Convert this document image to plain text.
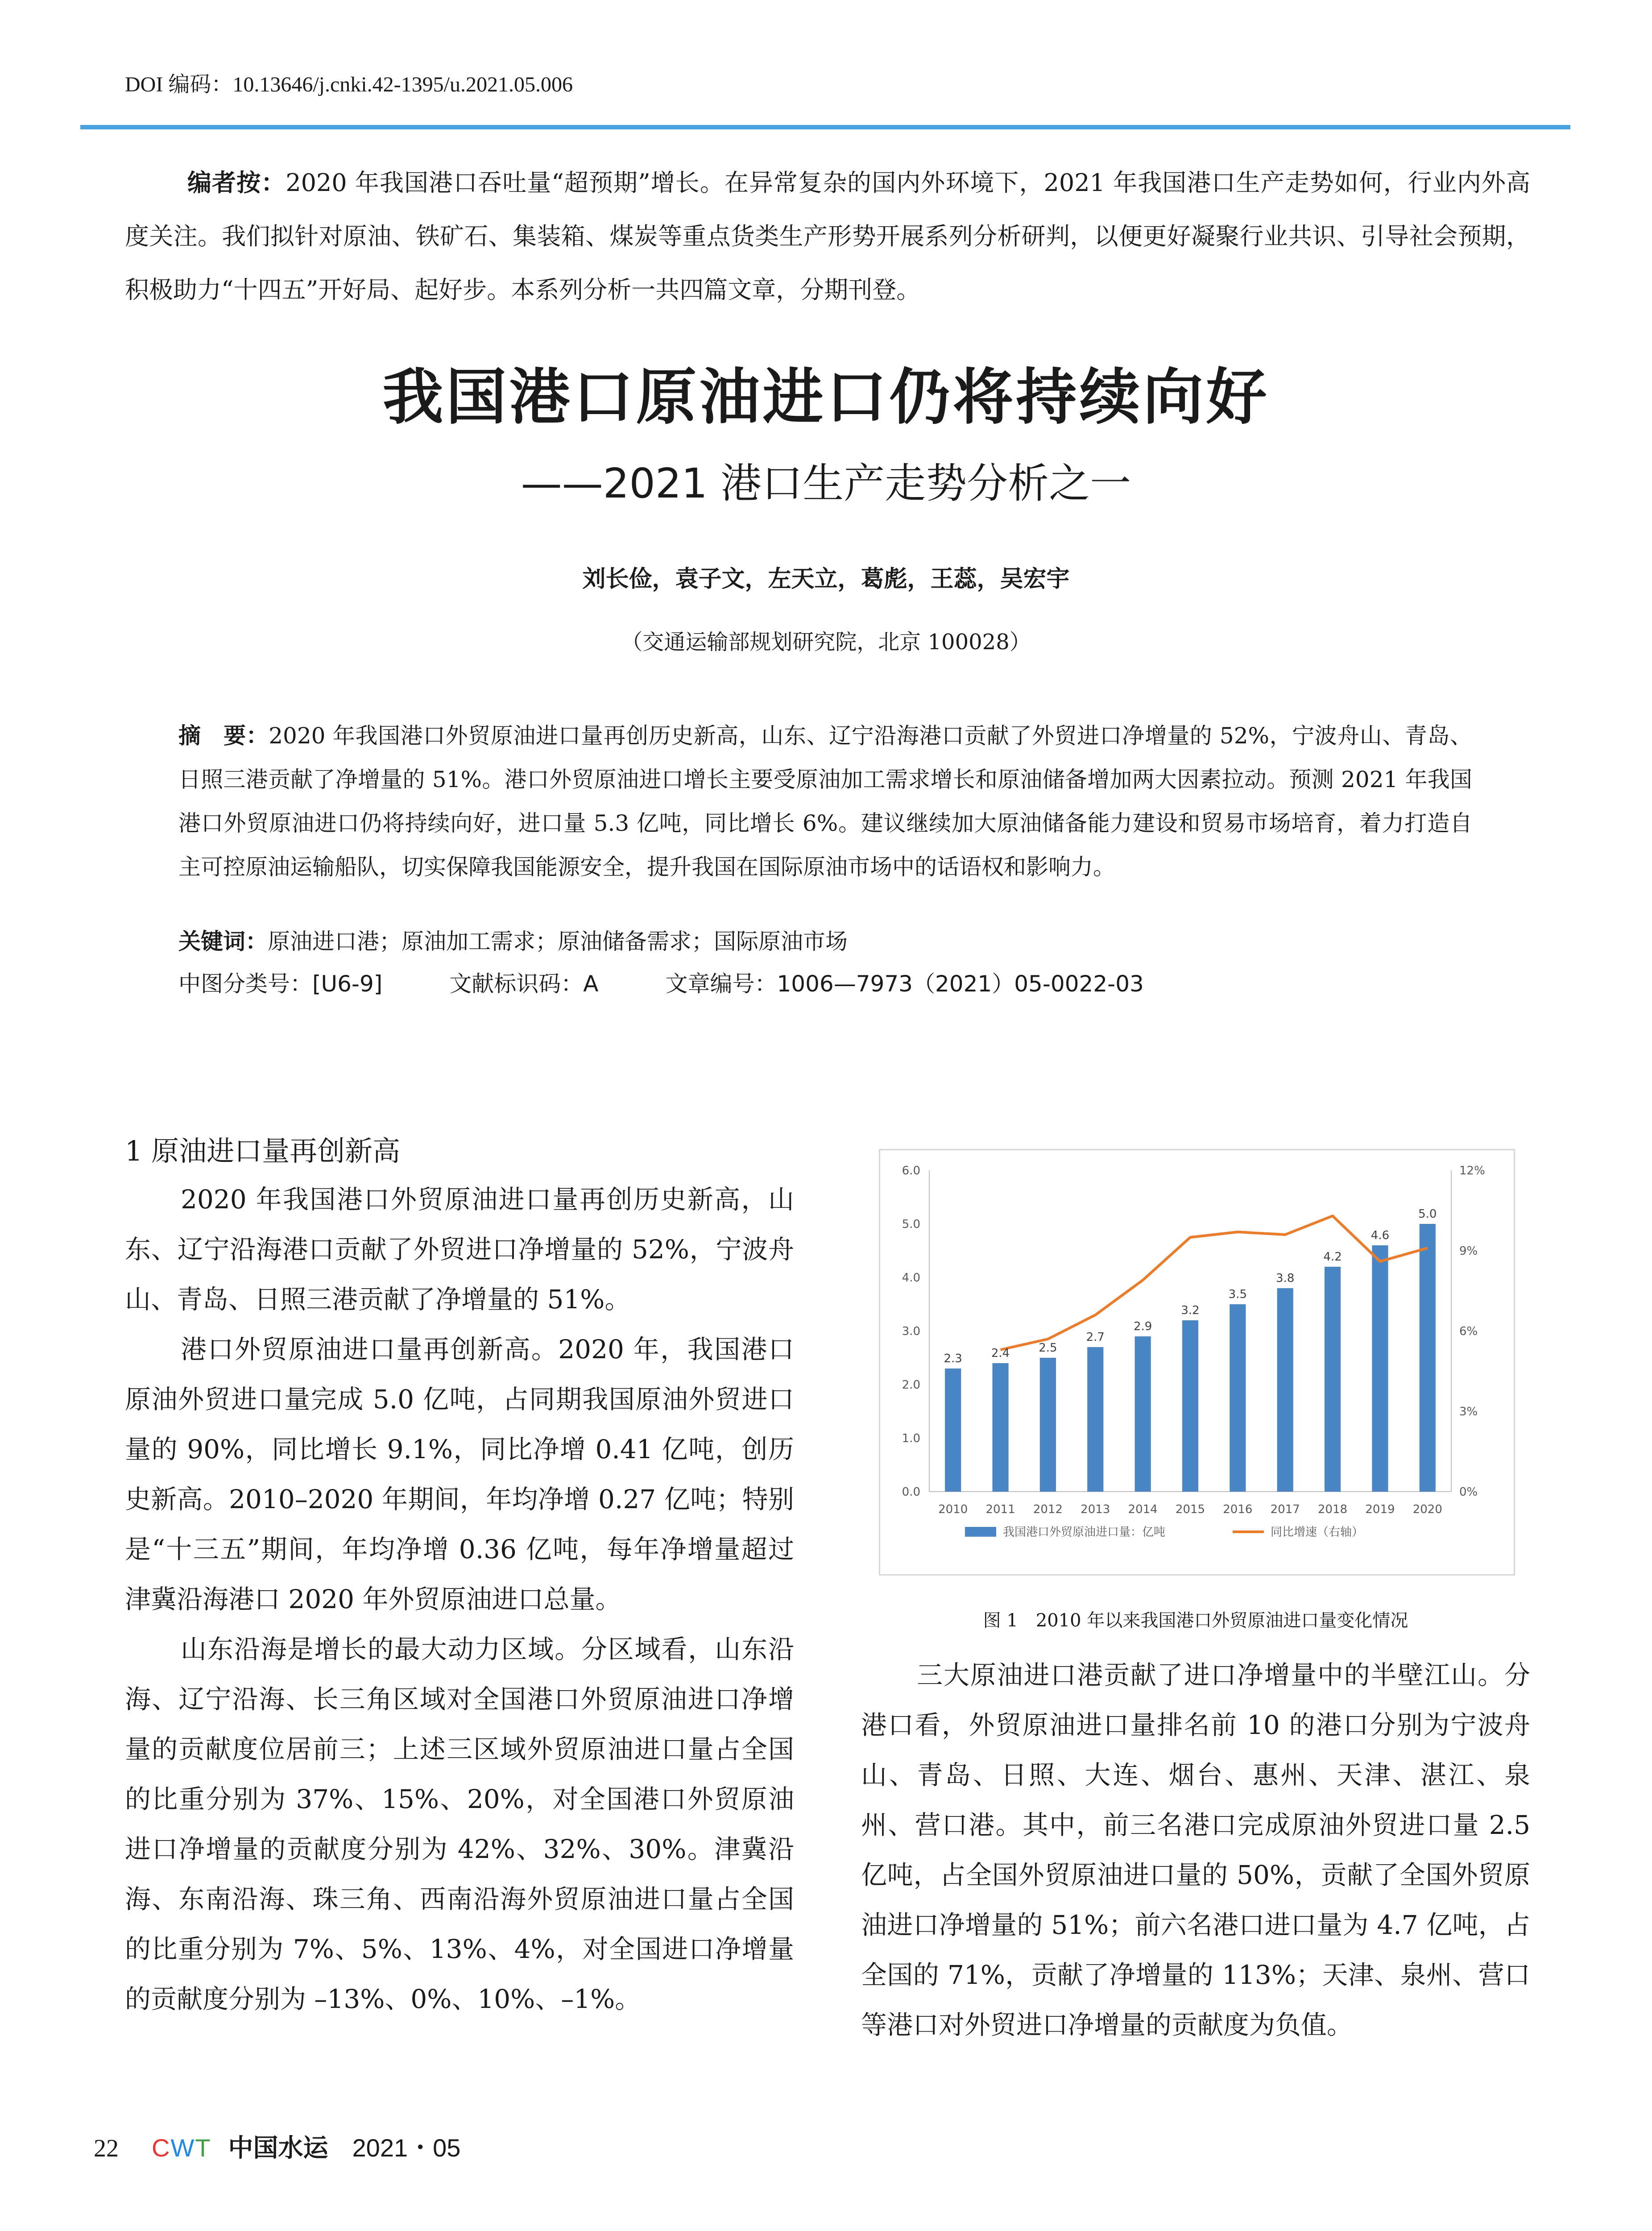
DOI 编码：10.13646/j.cnki.42-1395/u.2021.05.006
编者按：2020 年我国港口吞吐量“超预期”增长。在异常复杂的国内外环境下，2021 年我国港口生产走势如何，行业内外高度关注。我们拟针对原油、铁矿石、集装箱、煤炭等重点货类生产形势开展系列分析研判，以便更好凝聚行业共识、引导社会预期，积极助力“十四五”开好局、起好步。本系列分析一共四篇文章，分期刊登。
我国港口原油进口仍将持续向好
——2021 港口生产走势分析之一
刘长俭，袁子文，左天立，葛彪，王蕊，吴宏宇
（交通运输部规划研究院，北京 100028）
摘　要：2020 年我国港口外贸原油进口量再创历史新高，山东、辽宁沿海港口贡献了外贸进口净增量的 52%，宁波舟山、青岛、日照三港贡献了净增量的 51%。港口外贸原油进口增长主要受原油加工需求增长和原油储备增加两大因素拉动。预测 2021 年我国港口外贸原油进口仍将持续向好，进口量 5.3 亿吨，同比增长 6%。建议继续加大原油储备能力建设和贸易市场培育，着力打造自主可控原油运输船队，切实保障我国能源安全，提升我国在国际原油市场中的话语权和影响力。
关键词：原油进口港；原油加工需求；原油储备需求；国际原油市场
中图分类号：[U6-9]	文献标识码：A	文章编号：1006—7973（2021）05-0022-03
1 原油进口量再创新高

2020 年我国港口外贸原油进口量再创历史新高，山东、辽宁沿海港口贡献了外贸进口净增量的 52%，宁波舟山、青岛、日照三港贡献了净增量的 51%。

港口外贸原油进口量再创新高。2020 年，我国港口原油外贸进口量完成 5.0 亿吨，占同期我国原油外贸进口量的 90%，同比增长 9.1%，同比净增 0.41 亿吨，创历史新高。2010–2020 年期间，年均净增 0.27 亿吨；特别是“十三五”期间，年均净增 0.36 亿吨，每年净增量超过津冀沿海港口 2020 年外贸原油进口总量。

山东沿海是增长的最大动力区域。分区域看，山东沿海、辽宁沿海、长三角区域对全国港口外贸原油进口净增量的贡献度位居前三；上述三区域外贸原油进口量占全国的比重分别为 37%、15%、20%，对全国港口外贸原油进口净增量的贡献度分别为 42%、32%、30%。津冀沿海、东南沿海、珠三角、西南沿海外贸原油进口量占全国的比重分别为 7%、5%、13%、4%，对全国进口净增量的贡献度分别为 –13%、0%、10%、–1%。

0.0
1.0
2.0
3.0
4.0
5.0
6.0
0%
3%
6%
9%
12%
2010 2011 2012 2013 2014 2015 2016 2017 2018 2019 2020
2.3	2.4	2.5
2.7
2.9
3.2
3.5
3.8
4.2
4.6
5.0
我国港口外贸原油进口量：亿吨	同比增速（右轴）
图 1　2010 年以来我国港口外贸原油进口量变化情况

三大原油进口港贡献了进口净增量中的半壁江山。分港口看，外贸原油进口量排名前 10 的港口分别为宁波舟山、青岛、日照、大连、烟台、惠州、天津、湛江、泉州、营口港。其中，前三名港口完成原油外贸进口量 2.5 亿吨，占全国外贸原油进口量的 50%，贡献了全国外贸原油进口净增量的 51%；前六名港口进口量为 4.7 亿吨，占全国的 71%，贡献了净增量的 113%；天津、泉州、营口等港口对外贸进口净增量的贡献度为负值。

22 CWT 中国水运 2021・05
